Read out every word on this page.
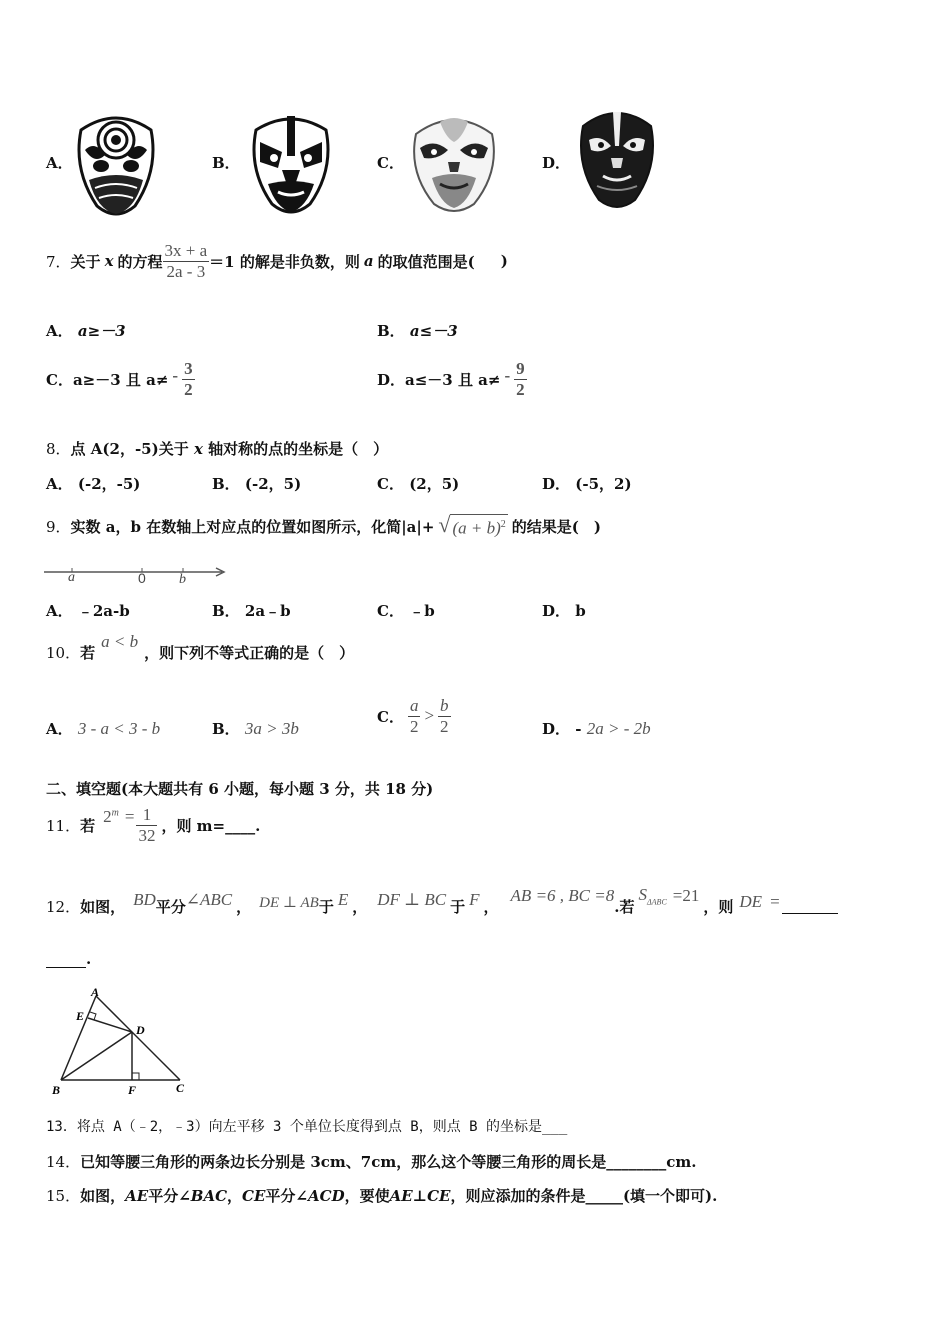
A．	B．	C．	D．
7． 关于 x 的方程 $\frac{3x + a}{2a - 3} =1$ 的解是非负数，则 a 的取值范围是( )
A． a≥－3	B． a≤－3
C． a≥－3 且 $a\ne - \frac{3}{2}$	D． a≤－3 且 $a\ne - \frac{9}{2}$
8．点 A(2，-5)关于 x 轴对称的点的坐标是（　）
A． (-2，-5)	B． (-2，5)	C． (2，5)	D． (-5，2)
9． 实数 a，b 在数轴上对应点的位置如图所示，化简|a|+ √ $(a + b)^2$ 的结果是(　)
a	0 b
A． ﹣2a-b	B． 2a﹣b	C． ﹣b	D． b
10． 若
a < b
，则下列不等式正确的是（　）
A． 3 - a < 3 - b	B． 3a > 3b
C． $\frac{a}{2} > \frac{b}{2}$	D． - 2a > - 2b
二、填空题(本大题共有 6 小题，每小题 3 分，共 18 分)
11． 若 $2^m = \frac{1}{32}$ ，则 m=____.
12． 如图， BD 平分 ∠ABC ， DE ⊥ AB 于 E ， DF ⊥ BC 于 F ，
AB =6 , BC =8
.若
$S_{\Delta ABC} =21$
，则 DE =
.
A
E
D
B	F	C
13．将点 A（﹣2，﹣3）向左平移 3 个单位长度得到点 B，则点 B 的坐标是___
14．已知等腰三角形的两条边长分别是 3cm、7cm，那么这个等腰三角形的周长是________cm.
15．如图，AE平分∠BAC，CE平分∠ACD，要使AE⊥CE，则应添加的条件是_____(填一个即可).
